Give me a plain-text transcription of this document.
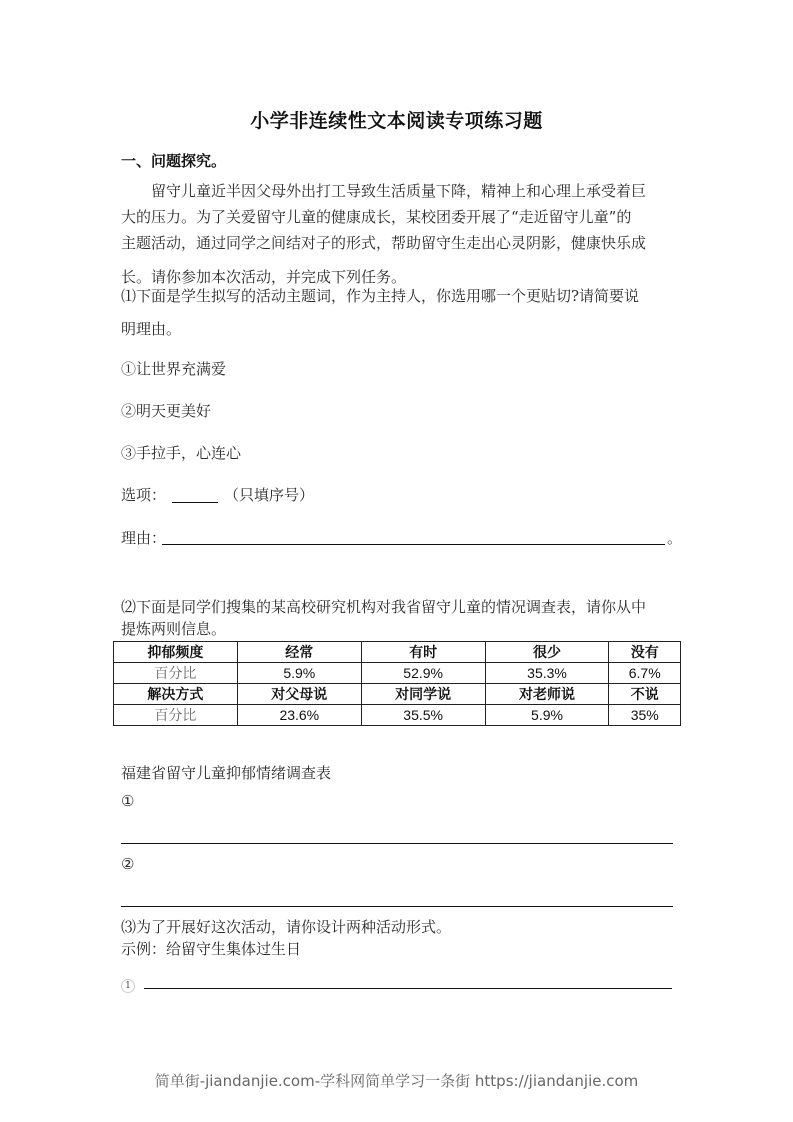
小学非连续性文本阅读专项练习题
一、问题探究。
　　留守儿童近半因父母外出打工导致生活质量下降，精神上和心理上承受着巨
大的压力。为了关爱留守儿童的健康成长，某校团委开展了“走近留守儿童”的
主题活动，通过同学之间结对子的形式，帮助留守生走出心灵阴影，健康快乐成
长。请你参加本次活动，并完成下列任务。
⑴下面是学生拟写的活动主题词，作为主持人，你选用哪一个更贴切?请简要说
明理由。
①让世界充满爱
②明天更美好
③手拉手，心连心
选项：	（只填序号）
理由：	。
⑵下面是同学们搜集的某高校研究机构对我省留守儿童的情况调查表，请你从中
提炼两则信息。
抑郁频度	经常	有时	很少	没有
百分比	5.9%	52.9%	35.3%	6.7%
解决方式	对父母说	对同学说	对老师说	不说
百分比	23.6%	35.5%	5.9%	35%
福建省留守儿童抑郁情绪调查表
①
②
⑶为了开展好这次活动，请你设计两种活动形式。
示例：给留守生集体过生日
1
简单街-jiandanjie.com-学科网简单学习一条街 https://jiandanjie.com
